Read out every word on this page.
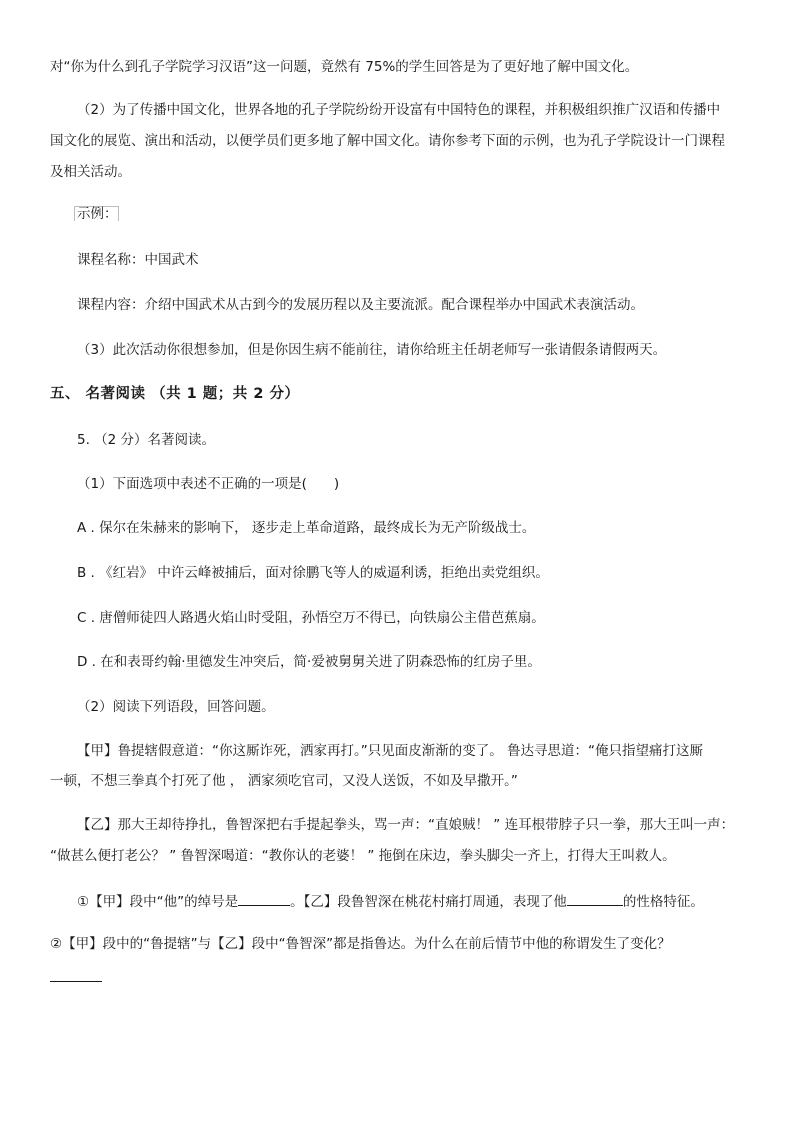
对“你为什么到孔子学院学习汉语”这一问题，竟然有 75%的学生回答是为了更好地了解中国文化。
（2）为了传播中国文化，世界各地的孔子学院纷纷开设富有中国特色的课程，并积极组织推广汉语和传播中
国文化的展览、演出和活动，以便学员们更多地了解中国文化。请你参考下面的示例，也为孔子学院设计一门课程
及相关活动。
示例：
课程名称：中国武术
课程内容：介绍中国武术从古到今的发展历程以及主要流派。配合课程举办中国武术表演活动。
（3）此次活动你很想参加，但是你因生病不能前往，请你给班主任胡老师写一张请假条请假两天。
五、 名著阅读 （共 1 题；共 2 分）
5. （2 分）名著阅读。
（1）下面选项中表述不正确的一项是(　　)
A . 保尔在朱赫来的影响下， 逐步走上革命道路，最终成长为无产阶级战士。
B . 《红岩》 中许云峰被捕后，面对徐鹏飞等人的威逼利诱，拒绝出卖党组织。
C . 唐僧师徒四人路遇火焰山时受阻，孙悟空万不得已，向铁扇公主借芭蕉扇。
D . 在和表哥约翰·里德发生冲突后，简·爱被舅舅关进了阴森恐怖的红房子里。
（2）阅读下列语段，回答问题。
【甲】鲁提辖假意道：“你这厮诈死，洒家再打。”只见面皮渐渐的变了。 鲁达寻思道：“俺只指望痛打这厮
一顿，不想三拳真个打死了他 ， 洒家须吃官司，又没人送饭，不如及早撒开。”
【乙】那大王却待挣扎，鲁智深把右手提起拳头，骂一声：“直娘贼！ ” 连耳根带脖子只一拳，那大王叫一声：
“做甚么便打老公？ ” 鲁智深喝道：“教你认的老婆！ ” 拖倒在床边，拳头脚尖一齐上，打得大王叫救人。
①【甲】段中“他”的绰号是	。【乙】段鲁智深在桃花村痛打周通，表现了他	的性格特征。
②【甲】段中的“鲁提辖”与【乙】段中“鲁智深”都是指鲁达。为什么在前后情节中他的称谓发生了变化？
